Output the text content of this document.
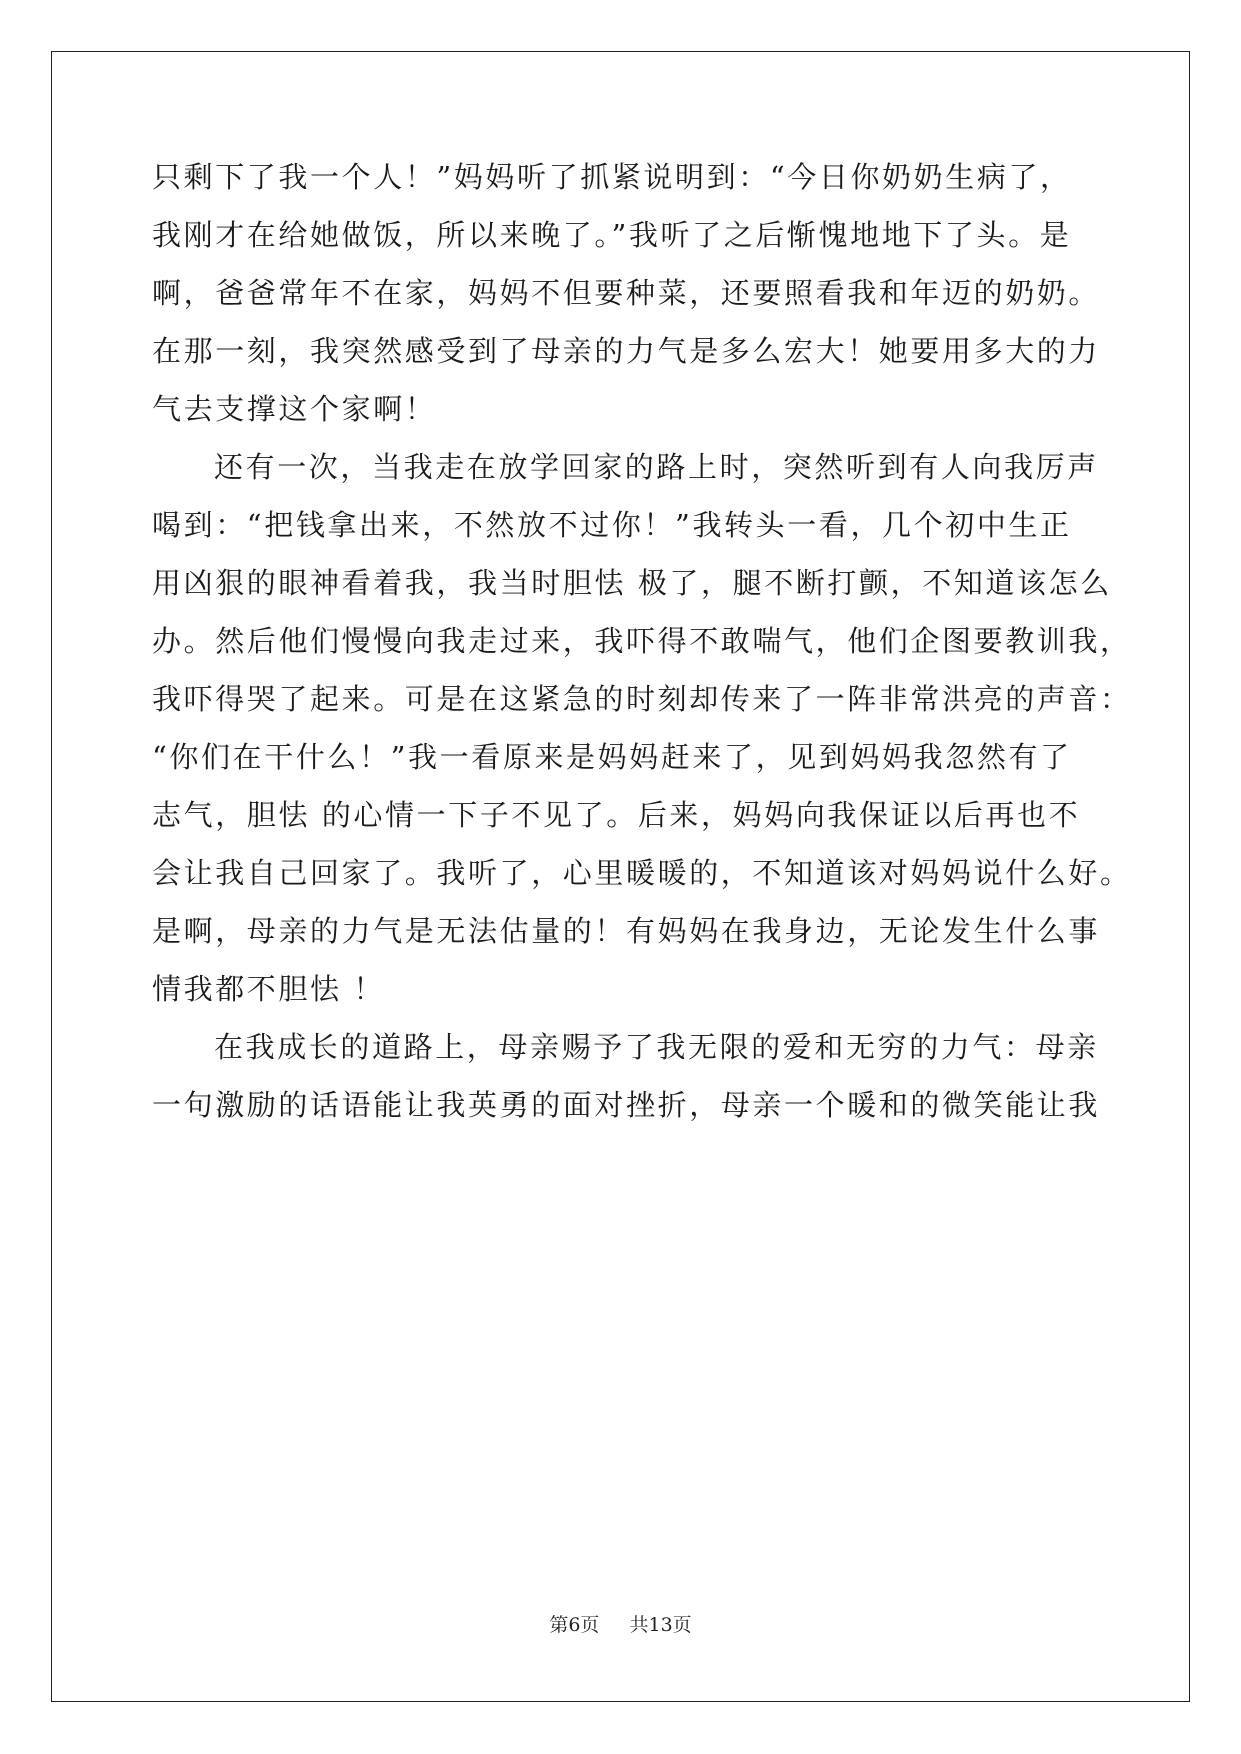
只剩下了我一个人！”妈妈听了抓紧说明到：“今日你奶奶生病了，
我刚才在给她做饭，所以来晚了。”我听了之后惭愧地地下了头。是
啊，爸爸常年不在家，妈妈不但要种菜，还要照看我和年迈的奶奶。
在那一刻，我突然感受到了母亲的力气是多么宏大！她要用多大的力
气去支撑这个家啊！
还有一次，当我走在放学回家的路上时，突然听到有人向我厉声
喝到：“把钱拿出来，不然放不过你！”我转头一看，几个初中生正
用凶狠的眼神看着我，我当时胆怯 极了，腿不断打颤，不知道该怎么
办。然后他们慢慢向我走过来，我吓得不敢喘气，他们企图要教训我，
我吓得哭了起来。可是在这紧急的时刻却传来了一阵非常洪亮的声音：
“你们在干什么！”我一看原来是妈妈赶来了，见到妈妈我忽然有了
志气，胆怯 的心情一下子不见了。后来，妈妈向我保证以后再也不
会让我自己回家了。我听了，心里暖暖的，不知道该对妈妈说什么好。
是啊，母亲的力气是无法估量的！有妈妈在我身边，无论发生什么事
情我都不胆怯 ！
在我成长的道路上，母亲赐予了我无限的爱和无穷的力气：母亲
一句激励的话语能让我英勇的面对挫折，母亲一个暖和的微笑能让我
第6页 共13页
